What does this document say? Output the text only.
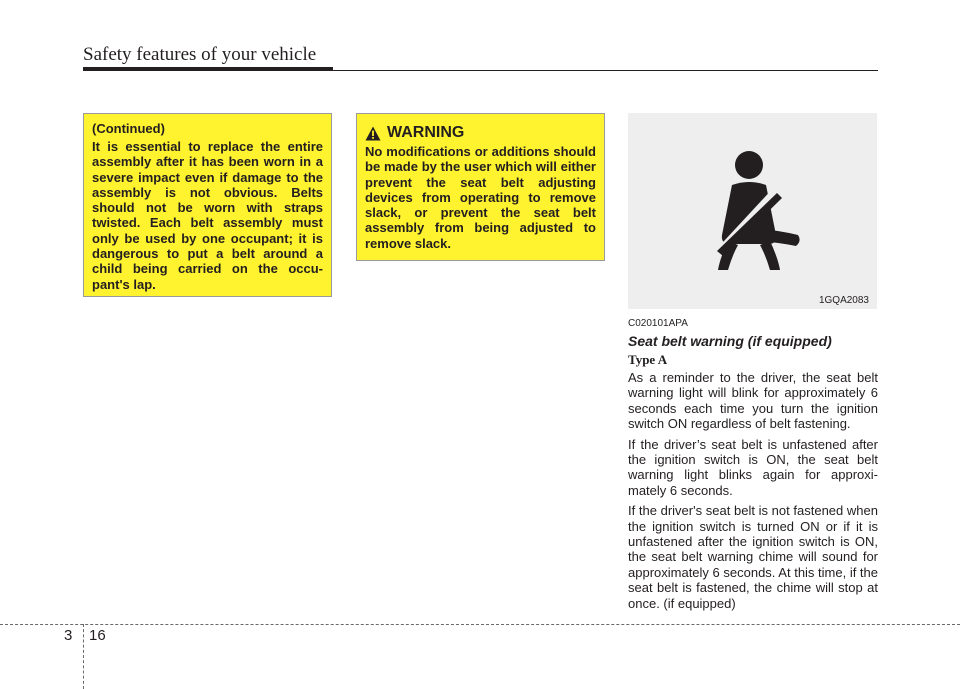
Safety features of your vehicle

(Continued)

It is essential to replace the entire assembly after it has been worn in a severe impact even if damage to the assembly is not obvious. Belts should not be worn with straps twisted. Each belt assembly must only be used by one occupant; it is dangerous to put a belt around a child being carried on the occu-pant's lap.

WARNING

No modifications or additions should be made by the user which will either prevent the seat belt adjusting devices from operating to remove slack, or prevent the seat belt assembly from being adjusted to remove slack.

1GQA2083

C020101APA

Seat belt warning (if equipped)

Type A

As a reminder to the driver, the seat belt warning light will blink for approximately 6 seconds each time you turn the ignition switch ON regardless of belt fastening.

If the driver’s seat belt is unfastened after the ignition switch is ON, the seat belt warning light blinks again for approxi-mately 6 seconds.

If the driver's seat belt is not fastened when the ignition switch is turned ON or if it is unfastened after the ignition switch is ON, the seat belt warning chime will sound for approximately 6 seconds. At this time, if the seat belt is fastened, the chime will stop at once. (if equipped)

3 16
